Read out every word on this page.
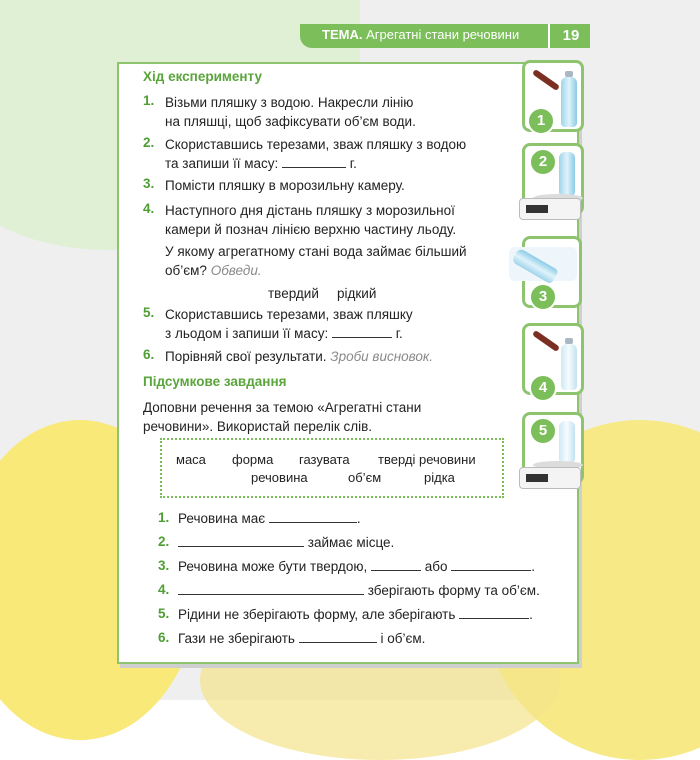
ТЕМА. Агрегатні стани речовини	19
Хід експерименту
1. Візьми пляшку з водою. Накресли лінію
на пляшці, щоб зафіксувати об’єм води.
2. Скориставшись терезами, зваж пляшку з водою
та запиши її масу:	г.
3. Помісти пляшку в морозильну камеру.
4. Наступного дня дістань пляшку з морозильної
камери й познач лінією верхню частину льоду.
У якому агрегатному стані вода займає більший
об’єм? Обведи.
твердий рідкий
5. Скориставшись терезами, зваж пляшку
з льодом і запиши її масу:	г.
6. Порівняй свої результати. Зроби висновок.
Підсумкове завдання
Доповни речення за темою «Агрегатні стани
речовини». Використай перелік слів.
маса форма газувата тверді речовини
речовина	об’єм	рідка
1. Речовина має	.
2.	займає місце.
3. Речовина може бути твердою,	або	.
4.	зберігають форму та об’єм.
5. Рідини не зберігають форму, але зберігають	.
6. Гази не зберігають	і об’єм.
1
2
3
4
5
